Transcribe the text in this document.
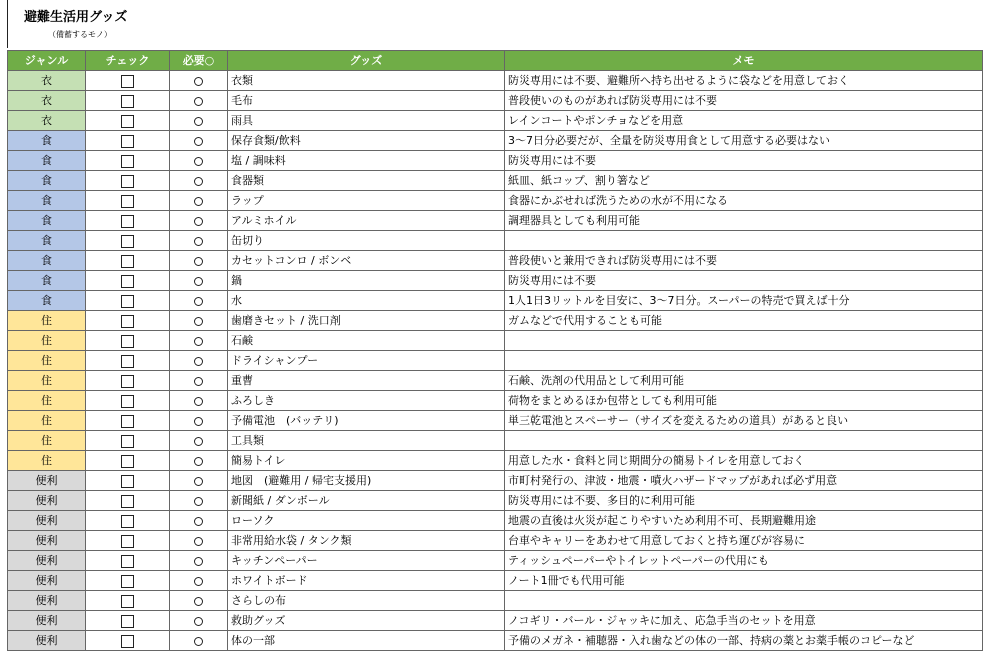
避難生活用グッズ
（備蓄するモノ）
ジャンル	チェック	必要○	グッズ	メモ
衣			衣類	防災専用には不要、避難所へ持ち出せるように袋などを用意しておく
衣			毛布	普段使いのものがあれば防災専用には不要
衣			雨具	レインコートやポンチョなどを用意
食			保存食類/飲料	3～7日分必要だが、全量を防災専用食として用意する必要はない
食			塩 / 調味料	防災専用には不要
食			食器類	紙皿、紙コップ、割り箸など
食			ラップ	食器にかぶせれば洗うための水が不用になる
食			アルミホイル	調理器具としても利用可能
食			缶切り	
食			カセットコンロ / ボンベ	普段使いと兼用できれば防災専用には不要
食			鍋	防災専用には不要
食			水	1人1日3リットルを目安に、3～7日分。スーパーの特売で買えば十分
住			歯磨きセット / 洗口剤	ガムなどで代用することも可能
住			石鹸	
住			ドライシャンプー	
住			重曹	石鹸、洗剤の代用品として利用可能
住			ふろしき	荷物をまとめるほか包帯としても利用可能
住			予備電池　(バッテリ)	単三乾電池とスペーサー（サイズを変えるための道具）があると良い
住			工具類	
住			簡易トイレ	用意した水・食料と同じ期間分の簡易トイレを用意しておく
便利			地図　(避難用 / 帰宅支援用)	市町村発行の、津波・地震・噴火ハザードマップがあれば必ず用意
便利			新聞紙 / ダンボール	防災専用には不要、多目的に利用可能
便利			ローソク	地震の直後は火災が起こりやすいため利用不可、長期避難用途
便利			非常用給水袋 / タンク類	台車やキャリーをあわせて用意しておくと持ち運びが容易に
便利			キッチンペーパー	ティッシュペーパーやトイレットペーパーの代用にも
便利			ホワイトボード	ノート1冊でも代用可能
便利			さらしの布	
便利			救助グッズ	ノコギリ・バール・ジャッキに加え、応急手当のセットを用意
便利			体の一部	予備のメガネ・補聴器・入れ歯などの体の一部、持病の薬とお薬手帳のコピーなど
